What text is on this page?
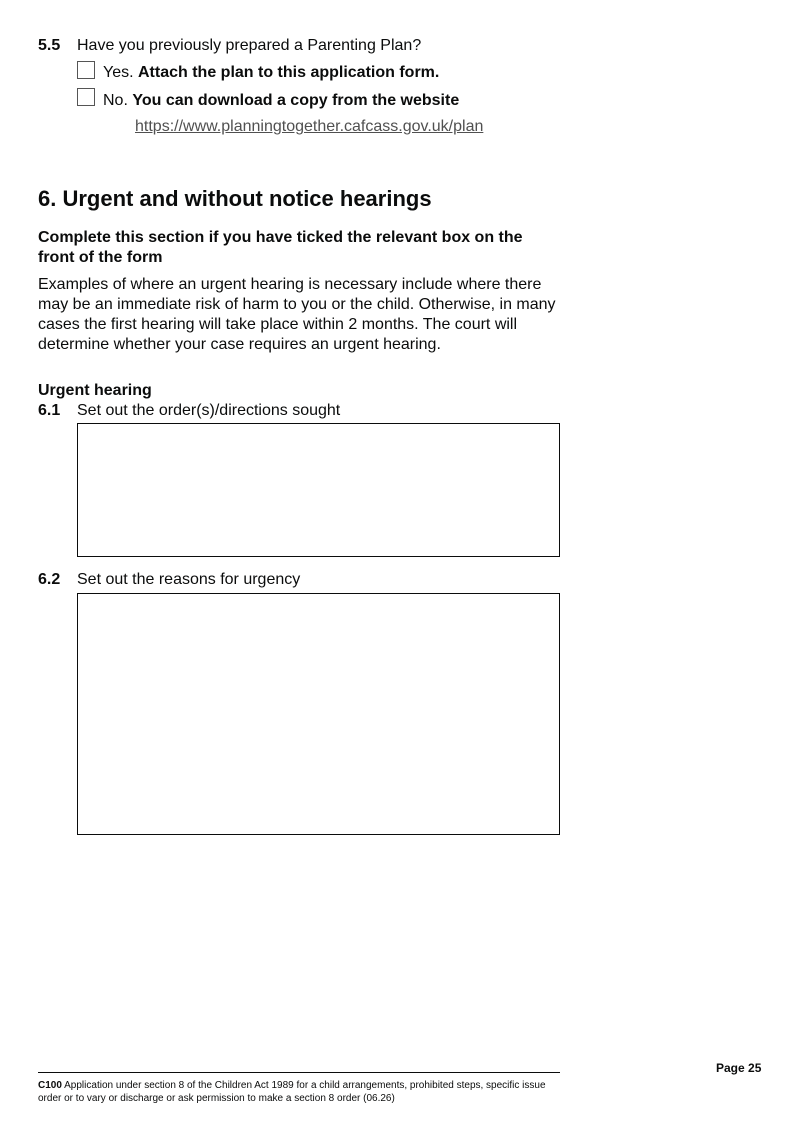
5.5 Have you previously prepared a Parenting Plan?
Yes. Attach the plan to this application form.
No. You can download a copy from the website
https://www.planningtogether.cafcass.gov.uk/plan
6. Urgent and without notice hearings
Complete this section if you have ticked the relevant box on the front of the form
Examples of where an urgent hearing is necessary include where there may be an immediate risk of harm to you or the child. Otherwise, in many cases the first hearing will take place within 2 months. The court will determine whether your case requires an urgent hearing.
Urgent hearing
6.1 Set out the order(s)/directions sought
6.2 Set out the reasons for urgency
C100 Application under section 8 of the Children Act 1989 for a child arrangements, prohibited steps, specific issue order or to vary or discharge or ask permission to make a section 8 order (06.26)
Page 25
